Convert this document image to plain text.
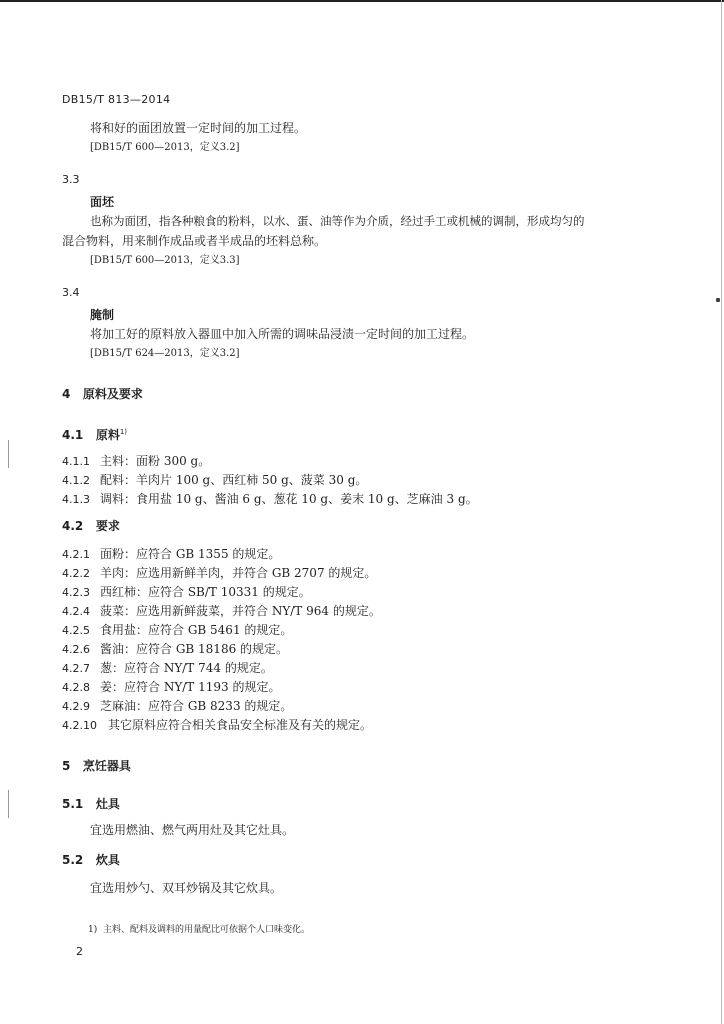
DB15/T 813—2014
将和好的面团放置一定时间的加工过程。
[DB15/T 600—2013，定义3.2]
3.3
面坯
也称为面团，指各种粮食的粉料，以水、蛋、油等作为介质，经过手工或机械的调制，形成均匀的
混合物料，用来制作成品或者半成品的坯料总称。
[DB15/T 600—2013，定义3.3]
3.4
腌制
将加工好的原料放入器皿中加入所需的调味品浸渍一定时间的加工过程。
[DB15/T 624—2013，定义3.2]
4 原料及要求
4.1 原料$^{1)}$
4.1.1 主料：面粉 300 g。
4.1.2 配料：羊肉片 100 g、西红柿 50 g、菠菜 30 g。
4.1.3 调料：食用盐 10 g、酱油 6 g、葱花 10 g、姜末 10 g、芝麻油 3 g。
4.2 要求
4.2.1 面粉：应符合 GB 1355 的规定。
4.2.2 羊肉：应选用新鲜羊肉，并符合 GB 2707 的规定。
4.2.3 西红柿：应符合 SB/T 10331 的规定。
4.2.4 菠菜：应选用新鲜菠菜，并符合 NY/T 964 的规定。
4.2.5 食用盐：应符合 GB 5461 的规定。
4.2.6 酱油：应符合 GB 18186 的规定。
4.2.7 葱：应符合 NY/T 744 的规定。
4.2.8 姜：应符合 NY/T 1193 的规定。
4.2.9 芝麻油：应符合 GB 8233 的规定。
4.2.10 其它原料应符合相关食品安全标准及有关的规定。
5 烹饪器具
5.1 灶具
宜选用燃油、燃气两用灶及其它灶具。
5.2 炊具
宜选用炒勺、双耳炒锅及其它炊具。
1) 主料、配料及调料的用量配比可依据个人口味变化。
2
